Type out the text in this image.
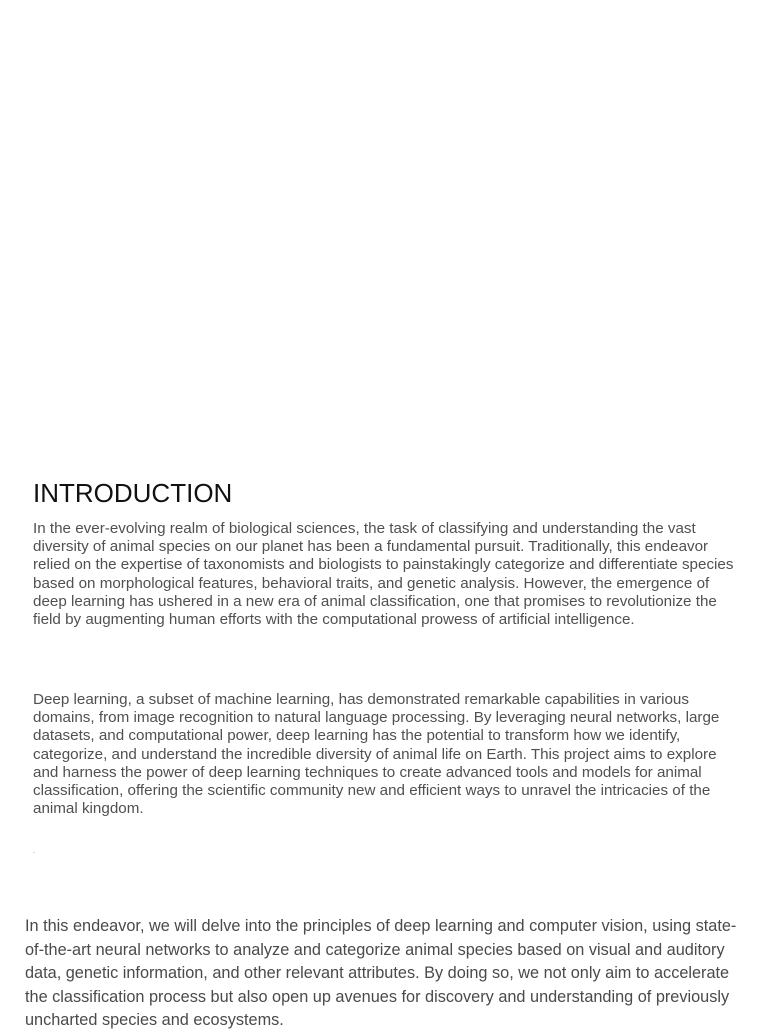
INTRODUCTION

In the ever-evolving realm of biological sciences, the task of classifying and understanding the vast diversity of animal species on our planet has been a fundamental pursuit. Traditionally, this endeavor relied on the expertise of taxonomists and biologists to painstakingly categorize and differentiate species based on morphological features, behavioral traits, and genetic analysis. However, the emergence of deep learning has ushered in a new era of animal classification, one that promises to revolutionize the field by augmenting human efforts with the computational prowess of artificial intelligence.

Deep learning, a subset of machine learning, has demonstrated remarkable capabilities in various domains, from image recognition to natural language processing. By leveraging neural networks, large datasets, and computational power, deep learning has the potential to transform how we identify, categorize, and understand the incredible diversity of animal life on Earth. This project aims to explore and harness the power of deep learning techniques to create advanced tools and models for animal classification, offering the scientific community new and efficient ways to unravel the intricacies of the animal kingdom.

.

In this endeavor, we will delve into the principles of deep learning and computer vision, using state-of-the-art neural networks to analyze and categorize animal species based on visual and auditory data, genetic information, and other relevant attributes. By doing so, we not only aim to accelerate the classification process but also open up avenues for discovery and understanding of previously uncharted species and ecosystems.
